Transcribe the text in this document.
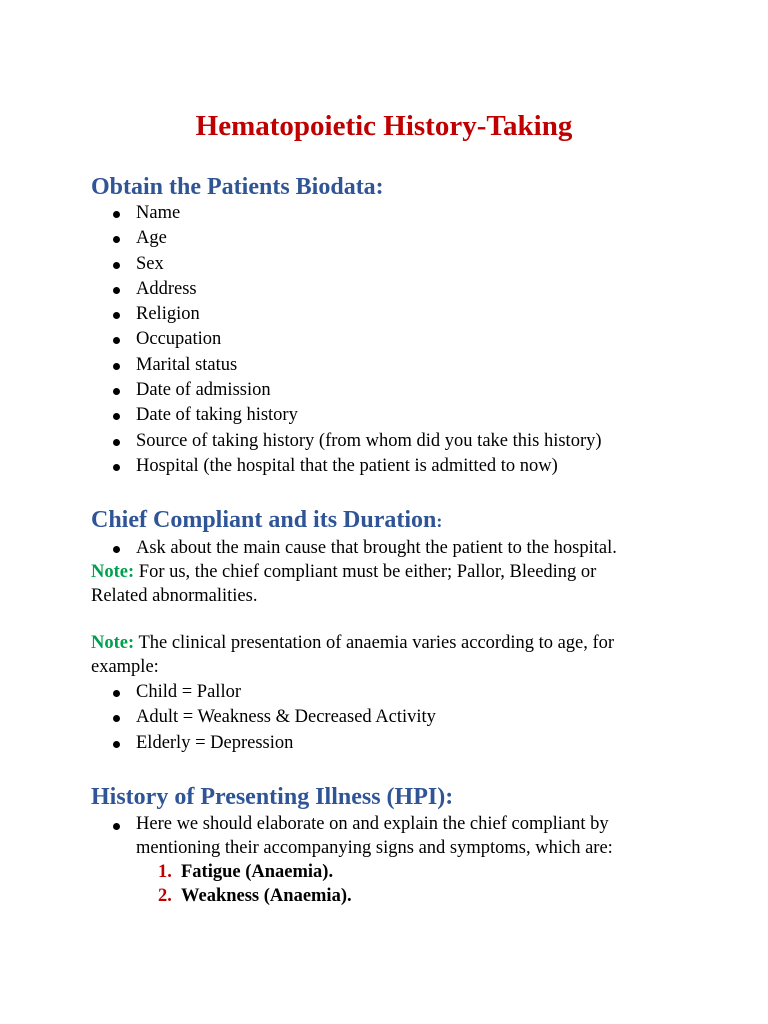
Hematopoietic History-Taking
Obtain the Patients Biodata:
Name
Age
Sex
Address
Religion
Occupation
Marital status
Date of admission
Date of taking history
Source of taking history (from whom did you take this history)
Hospital (the hospital that the patient is admitted to now)
Chief Compliant and its Duration:
Ask about the main cause that brought the patient to the hospital.

Note: For us, the chief compliant must be either; Pallor, Bleeding or
Related abnormalities.

Note: The clinical presentation of anaemia varies according to age, for
example:

Child = Pallor
Adult = Weakness & Decreased Activity
Elderly = Depression
History of Presenting Illness (HPI):
Here we should elaborate on and explain the chief compliant by
mentioning their accompanying signs and symptoms, which are:
1. Fatigue (Anaemia).
2. Weakness (Anaemia).
